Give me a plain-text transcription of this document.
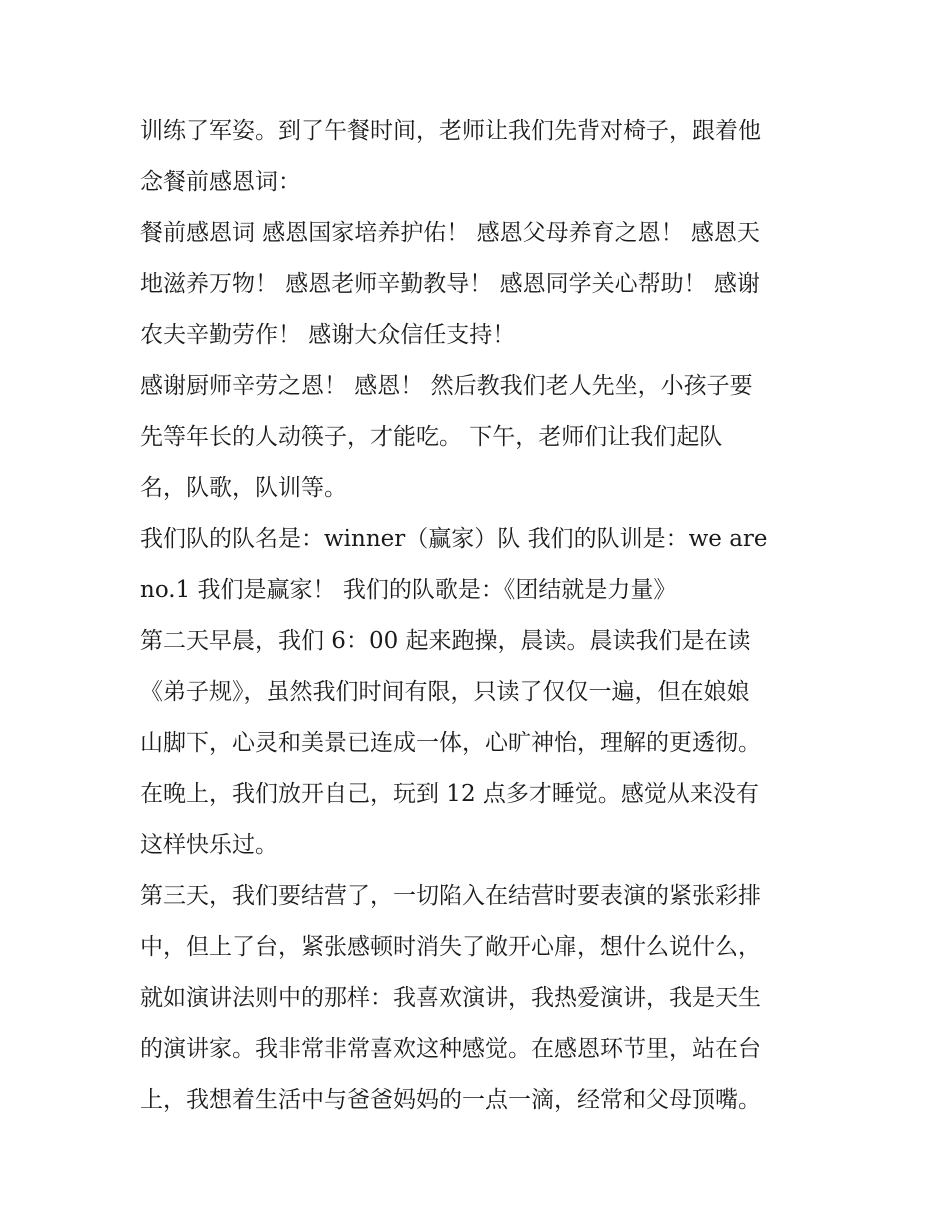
训练了军姿。到了午餐时间，老师让我们先背对椅子，跟着他
念餐前感恩词：
餐前感恩词 感恩国家培养护佑！ 感恩父母养育之恩！ 感恩天
地滋养万物！ 感恩老师辛勤教导！ 感恩同学关心帮助！ 感谢
农夫辛勤劳作！ 感谢大众信任支持！
感谢厨师辛劳之恩！ 感恩！ 然后教我们老人先坐，小孩子要
先等年长的人动筷子，才能吃。 下午，老师们让我们起队
名，队歌，队训等。
我们队的队名是：winner（赢家）队 我们的队训是：we are
no.1 我们是赢家！ 我们的队歌是：《团结就是力量》
第二天早晨，我们 6：00 起来跑操，晨读。晨读我们是在读
《弟子规》，虽然我们时间有限，只读了仅仅一遍，但在娘娘
山脚下，心灵和美景已连成一体，心旷神怡，理解的更透彻。
在晚上，我们放开自己，玩到 12 点多才睡觉。感觉从来没有
这样快乐过。
第三天，我们要结营了，一切陷入在结营时要表演的紧张彩排
中，但上了台，紧张感顿时消失了敞开心扉，想什么说什么，
就如演讲法则中的那样：我喜欢演讲，我热爱演讲，我是天生
的演讲家。我非常非常喜欢这种感觉。在感恩环节里，站在台
上，我想着生活中与爸爸妈妈的一点一滴，经常和父母顶嘴。
